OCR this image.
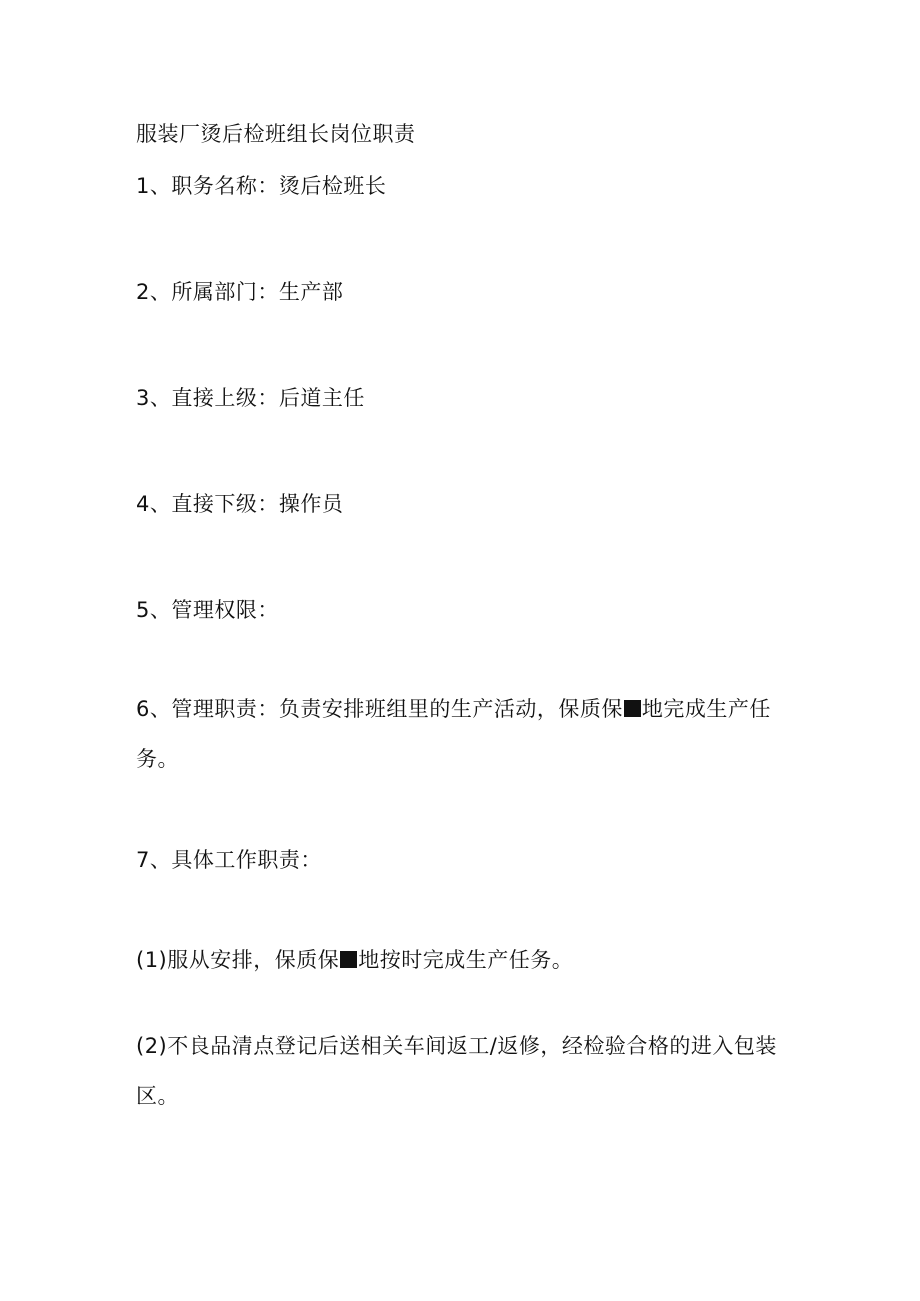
服装厂烫后检班组长岗位职责
1、职务名称：烫后检班长
2、所属部门：生产部
3、直接上级：后道主任
4、直接下级：操作员
5、管理权限：
6、管理职责：负责安排班组里的生产活动，保质保 地完成生产任务。
7、具体工作职责：
(1)服从安排，保质保 地按时完成生产任务。
(2)不良品清点登记后送相关车间返工/返修，经检验合格的进入包装区。
